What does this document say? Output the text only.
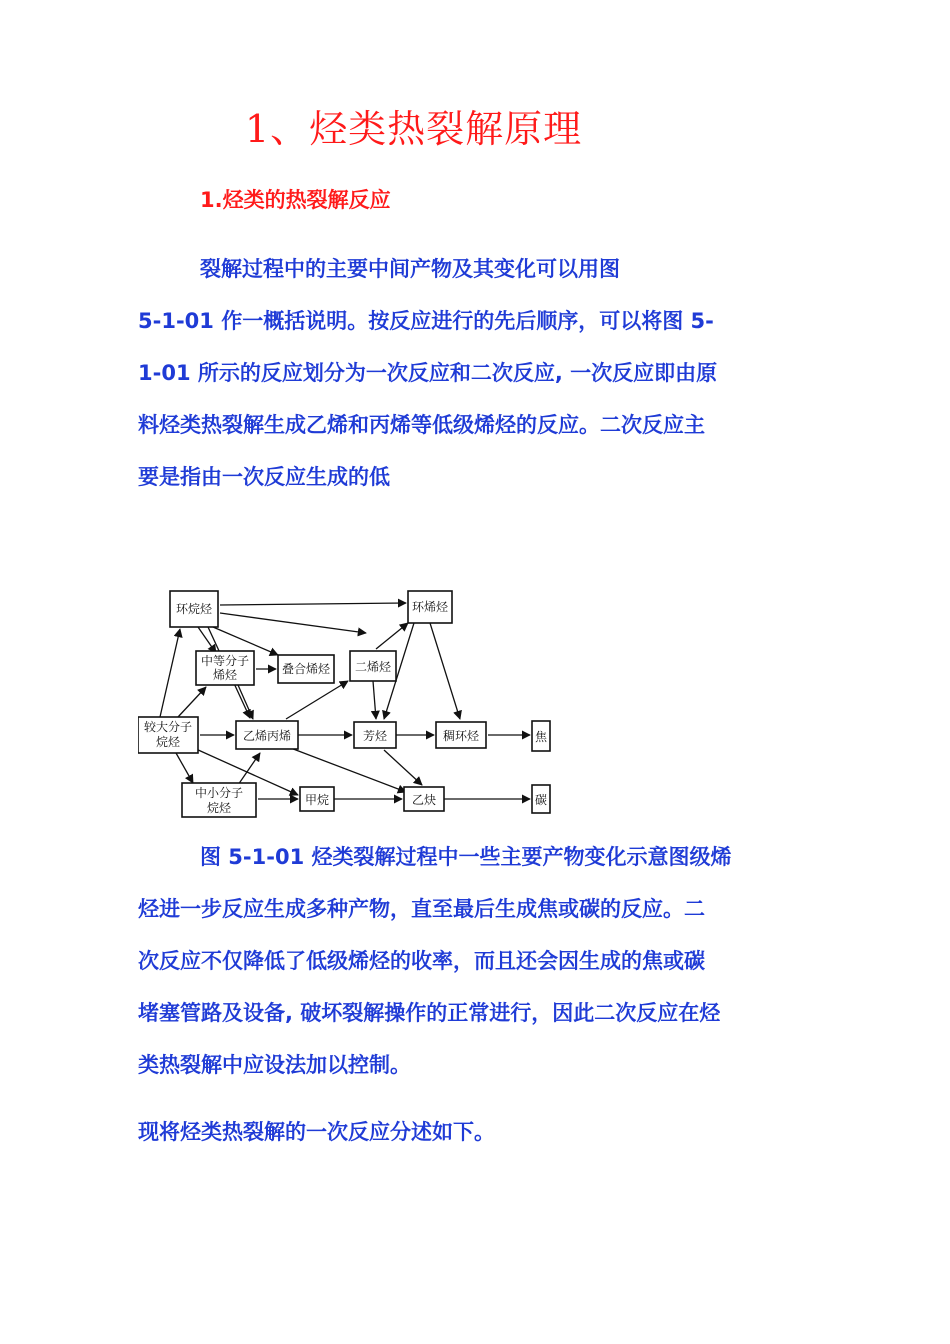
1、烃类热裂解原理
1.烃类的热裂解反应
裂解过程中的主要中间产物及其变化可以用图
5-1-01 作一概括说明。按反应进行的先后顺序，可以将图 5-
1-01 所示的反应划分为一次反应和二次反应, 一次反应即由原
料烃类热裂解生成乙烯和丙烯等低级烯烃的反应。二次反应主
要是指由一次反应生成的低
环烷烃	环烯烃
中等分子
烯烃	叠合烯烃 二烯烃
较大分子
烷烃	乙烯丙烯	芳烃	稠环烃	焦
中小分子
烷烃
甲烷	乙炔	碳
图 5-1-01 烃类裂解过程中一些主要产物变化示意图级烯
烃进一步反应生成多种产物，直至最后生成焦或碳的反应。二
次反应不仅降低了低级烯烃的收率，而且还会因生成的焦或碳
堵塞管路及设备, 破坏裂解操作的正常进行，因此二次反应在烃
类热裂解中应设法加以控制。
现将烃类热裂解的一次反应分述如下。
